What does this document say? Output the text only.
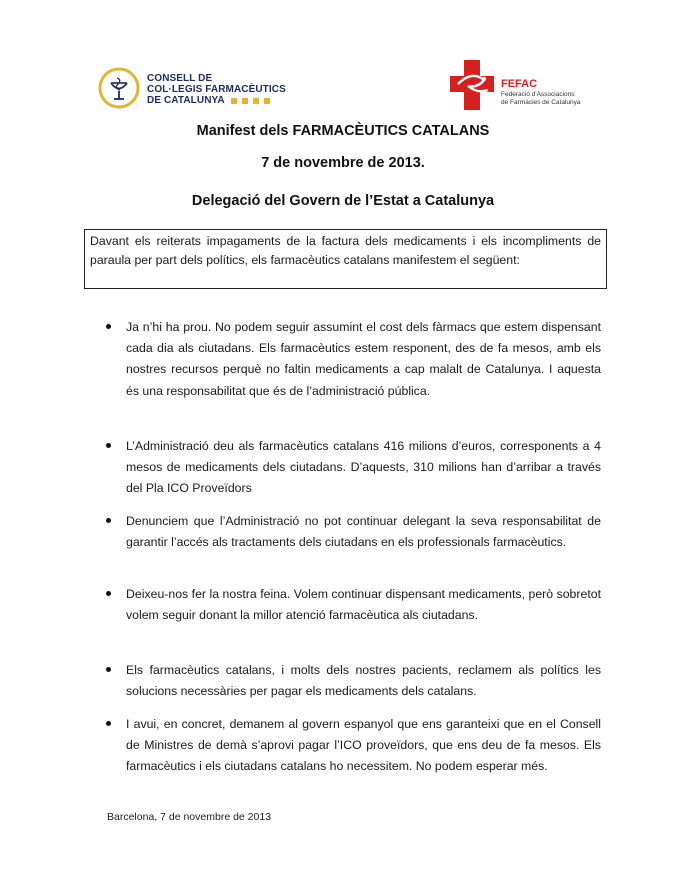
CONSELL DE
COL·LEGIS FARMACÈUTICS
DE CATALUNYA
FEFAC
Federació d'Associacions
de Farmàcies de Catalunya
Manifest dels FARMACÈUTICS CATALANS
7 de novembre de 2013.
Delegació del Govern de l’Estat a Catalunya
Davant els reiterats impagaments de la factura dels medicaments i els incompliments de paraula per part dels polítics, els farmacèutics catalans manifestem el següent:
Ja n’hi ha prou. No podem seguir assumint el cost dels fàrmacs que estem dispensant cada dia als ciutadans. Els farmacèutics estem responent, des de fa mesos, amb els nostres recursos perquè no faltin medicaments a cap malalt de Catalunya. I aquesta és una responsabilitat que és de l’administració pública.
L’Administració deu als farmacèutics catalans 416 milions d’euros, corresponents a 4 mesos de medicaments dels ciutadans. D’aquests, 310 milions han d’arribar a través del Pla ICO Proveïdors
Denunciem que l’Administració no pot continuar delegant la seva responsabilitat de garantir l’accés als tractaments dels ciutadans en els professionals farmacèutics.
Deixeu-nos fer la nostra feina. Volem continuar dispensant medicaments, però sobretot volem seguir donant la millor atenció farmacèutica als ciutadans.
Els farmacèutics catalans, i molts dels nostres pacients, reclamem als polítics les solucions necessàries per pagar els medicaments dels catalans.
I avui, en concret, demanem al govern espanyol que ens garanteixi que en el Consell de Ministres de demà s’aprovi pagar l’ICO proveïdors, que ens deu de fa mesos. Els farmacèutics i els ciutadans catalans ho necessitem. No podem esperar més.
Barcelona, 7 de novembre de 2013
